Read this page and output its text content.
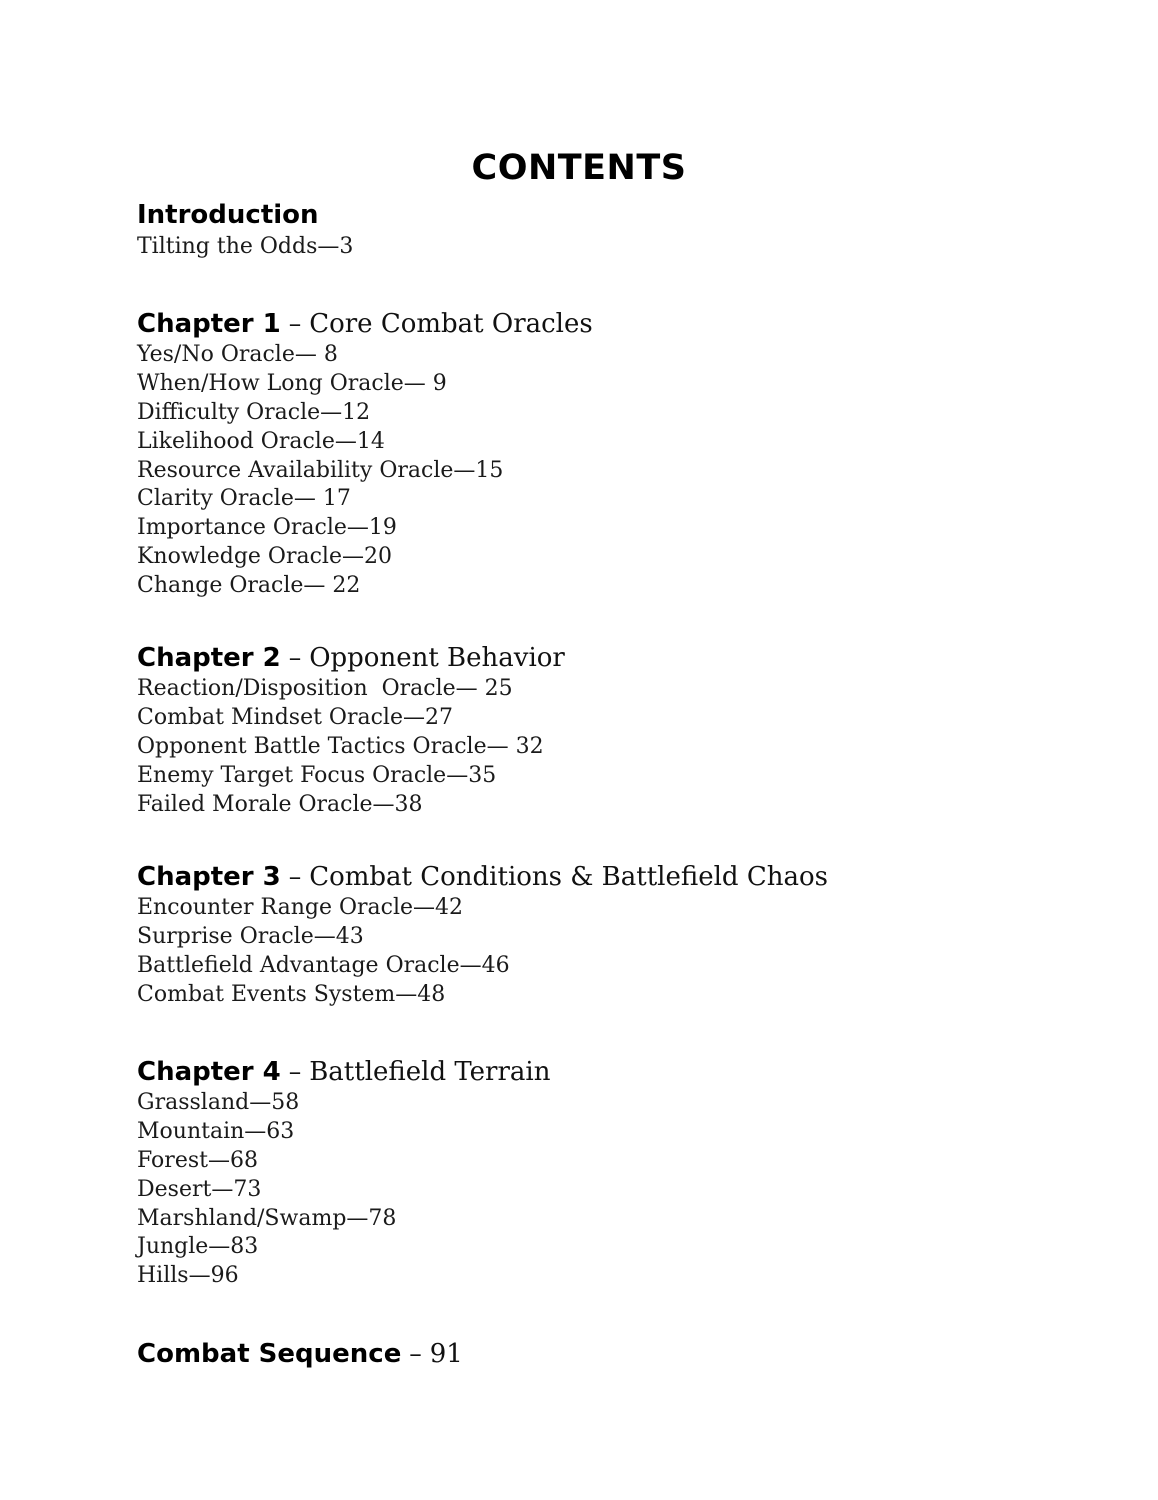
CONTENTS
Introduction
Tilting the Odds—3
Chapter 1 – Core Combat Oracles
Yes/No Oracle— 8
When/How Long Oracle— 9
Difficulty Oracle—12
Likelihood Oracle—14
Resource Availability Oracle—15
Clarity Oracle— 17
Importance Oracle—19
Knowledge Oracle—20
Change Oracle— 22
Chapter 2 – Opponent Behavior
Reaction/Disposition  Oracle— 25
Combat Mindset Oracle—27
Opponent Battle Tactics Oracle— 32
Enemy Target Focus Oracle—35
Failed Morale Oracle—38
Chapter 3 – Combat Conditions & Battlefield Chaos
Encounter Range Oracle—42
Surprise Oracle—43
Battlefield Advantage Oracle—46
Combat Events System—48
Chapter 4 – Battlefield Terrain
Grassland—58
Mountain—63
Forest—68
Desert—73
Marshland/Swamp—78
Jungle—83
Hills—96
Combat Sequence – 91
